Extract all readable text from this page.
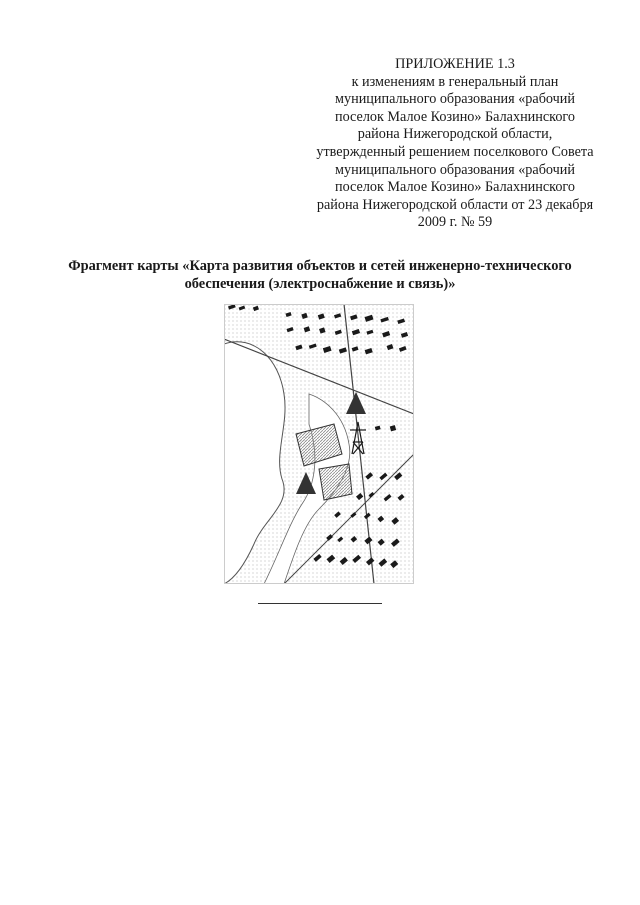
ПРИЛОЖЕНИЕ 1.3
к изменениям в генеральный план
муниципального образования «рабочий
поселок Малое Козино» Балахнинского
района Нижегородской области,
утвержденный решением поселкового Совета
муниципального образования «рабочий
поселок Малое Козино» Балахнинского
района Нижегородской области от 23 декабря
2009 г. № 59
Фрагмент карты «Карта развития объектов и сетей инженерно-технического
обеспечения (электроснабжение и связь)»
